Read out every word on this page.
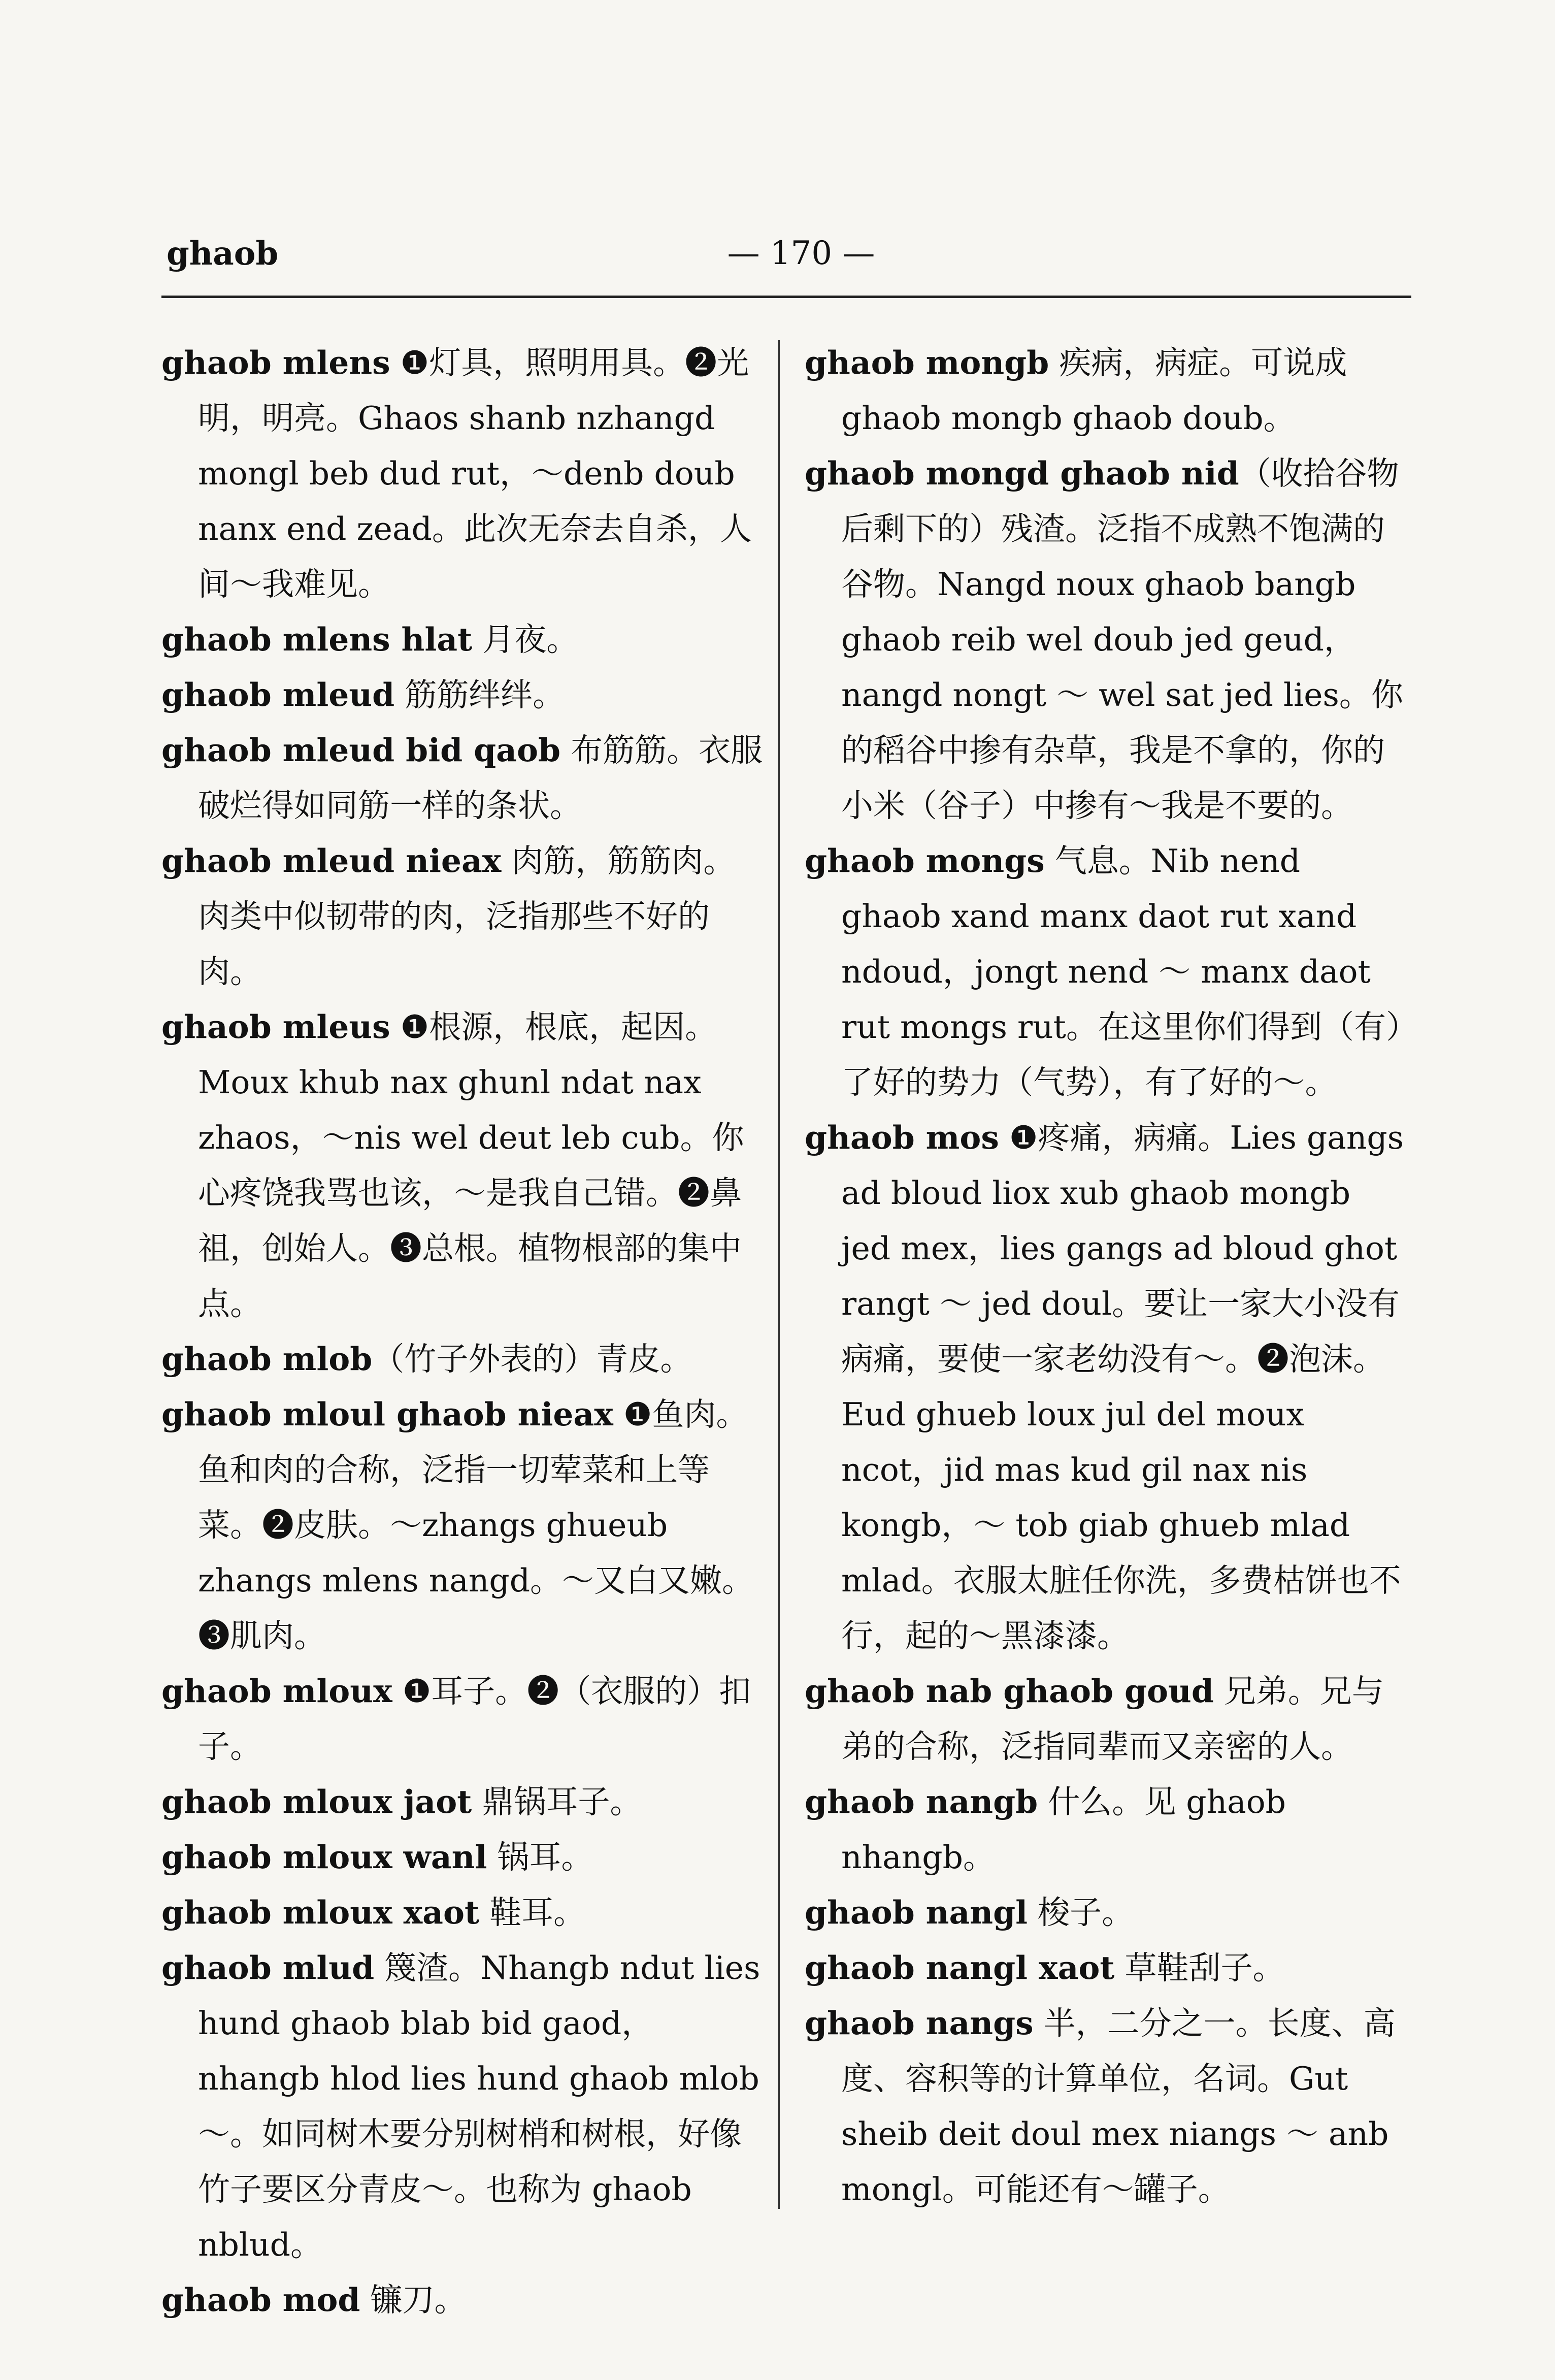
ghaob	— 170 —

ghaob mlens ❶灯具，照明用具。❷光明，明亮。Ghaos shanb nzhangd mongl beb dud rut，～denb doub nanx end zead。此次无奈去自杀，人间～我难见。

ghaob mlens hlat 月夜。

ghaob mleud 筋筋绊绊。

ghaob mleud bid qaob 布筋筋。衣服破烂得如同筋一样的条状。

ghaob mleud nieax 肉筋，筋筋肉。肉类中似韧带的肉，泛指那些不好的肉。

ghaob mleus ❶根源，根底，起因。Moux khub nax ghunl ndat nax zhaos，～nis wel deut leb cub。你心疼饶我骂也该，～是我自己错。❷鼻祖，创始人。❸总根。植物根部的集中点。

ghaob mlob（竹子外表的）青皮。

ghaob mloul ghaob nieax ❶鱼肉。鱼和肉的合称，泛指一切荤菜和上等菜。❷皮肤。～zhangs ghueub zhangs mlens nangd。～又白又嫩。❸肌肉。

ghaob mloux ❶耳子。❷（衣服的）扣子。

ghaob mloux jaot 鼎锅耳子。

ghaob mloux wanl 锅耳。

ghaob mloux xaot 鞋耳。

ghaob mlud 篾渣。Nhangb ndut lies hund ghaob blab bid gaod，nhangb hlod lies hund ghaob mlob ～。如同树木要分别树梢和树根，好像竹子要区分青皮～。也称为 ghaob nblud。

ghaob mod 镰刀。

ghaob mongb 疾病，病症。可说成 ghaob mongb ghaob doub。

ghaob mongd ghaob nid（收拾谷物后剩下的）残渣。泛指不成熟不饱满的谷物。Nangd noux ghaob bangb ghaob reib wel doub jed geud，nangd nongt ～ wel sat jed lies。你的稻谷中掺有杂草，我是不拿的，你的小米（谷子）中掺有～我是不要的。

ghaob mongs 气息。Nib nend ghaob xand manx daot rut xand ndoud，jongt nend ～ manx daot rut mongs rut。在这里你们得到（有）了好的势力（气势），有了好的～。

ghaob mos ❶疼痛，病痛。Lies gangs ad bloud liox xub ghaob mongb jed mex，lies gangs ad bloud ghot rangt ～ jed doul。要让一家大小没有病痛，要使一家老幼没有～。❷泡沫。Eud ghueb loux jul del moux ncot，jid mas kud gil nax nis kongb，～ tob giab ghueb mlad mlad。衣服太脏任你洗，多费枯饼也不行，起的～黑漆漆。

ghaob nab ghaob goud 兄弟。兄与弟的合称，泛指同辈而又亲密的人。

ghaob nangb 什么。见 ghaob nhangb。

ghaob nangl 梭子。

ghaob nangl xaot 草鞋刮子。

ghaob nangs 半，二分之一。长度、高度、容积等的计算单位，名词。Gut sheib deit doul mex niangs ～ anb mongl。可能还有～罐子。
